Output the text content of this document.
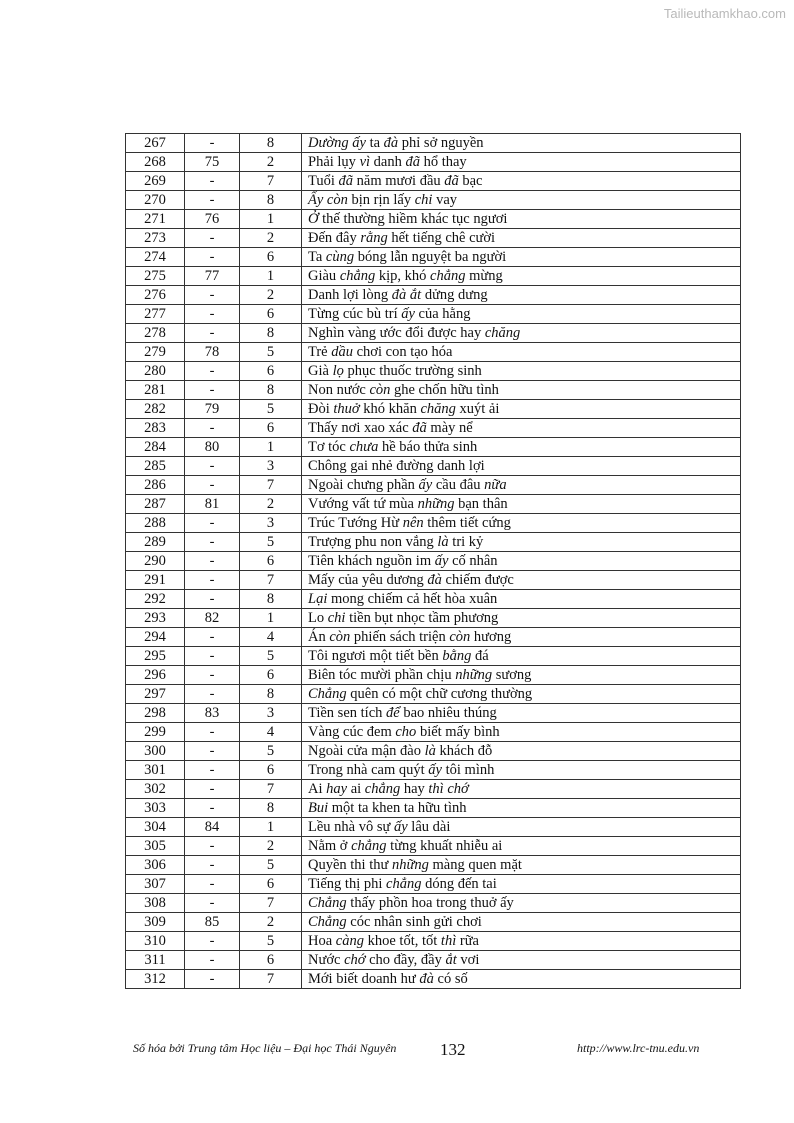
Tailieuthamkhao.com
267	-	8	Dường ấy ta đà phỉ sở nguyền
268	75	2	Phải lụy vì danh đã hổ thay
269	-	7	Tuổi đã năm mươi đầu đã bạc
270	-	8	Ấy còn bịn rịn lấy chi vay
271	76	1	Ở thế thường hiềm khác tục ngươi
273	-	2	Đến đây rằng hết tiếng chê cười
274	-	6	Ta cùng bóng lẫn nguyệt ba người
275	77	1	Giàu chẳng kịp, khó chẳng mừng
276	-	2	Danh lợi lòng đà ắt dửng dưng
277	-	6	Từng cúc bù trí ấy của hằng
278	-	8	Nghìn vàng ước đổi được hay chăng
279	78	5	Trẻ dầu chơi con tạo hóa
280	-	6	Già lọ phục thuốc trường sinh
281	-	8	Non nước còn ghe chốn hữu tình
282	79	5	Đòi thuở khó khăn chăng xuýt ải
283	-	6	Thấy nơi xao xác đã mày nể
284	80	1	Tơ tóc chưa hề báo thửa sinh
285	-	3	Chông gai nhẻ đường danh lợi
286	-	7	Ngoài chưng phần ấy cầu đâu nữa
287	81	2	Vướng vất tứ mùa những bạn thân
288	-	3	Trúc Tướng Hừ nên thêm tiết cứng
289	-	5	Trượng phu non vắng là tri kỷ
290	-	6	Tiên khách nguồn im ấy cố nhân
291	-	7	Mấy của yêu dương đà chiếm được
292	-	8	Lại mong chiếm cả hết hòa xuân
293	82	1	Lo chi tiền bụt nhọc tầm phương
294	-	4	Án còn phiến sách triện còn hương
295	-	5	Tôi ngươi một tiết bền bằng đá
296	-	6	Biên tóc mười phần chịu những sương
297	-	8	Chẳng quên có một chữ cương thường
298	83	3	Tiền sen tích để bao nhiêu thúng
299	-	4	Vàng cúc đem cho biết mấy bình
300	-	5	Ngoài cửa mận đào là khách đỗ
301	-	6	Trong nhà cam quýt ấy tôi mình
302	-	7	Ai hay ai chẳng hay thì chớ
303	-	8	Bui một ta khen ta hữu tình
304	84	1	Lều nhà vô sự ấy lâu dài
305	-	2	Nằm ở chẳng từng khuất nhiễu ai
306	-	5	Quyền thi thư những màng quen mặt
307	-	6	Tiếng thị phi chẳng dóng đến tai
308	-	7	Chẳng thấy phồn hoa trong thuở ấy
309	85	2	Chẳng cóc nhân sinh gửi chơi
310	-	5	Hoa càng khoe tốt, tốt thì rữa
311	-	6	Nước chớ cho đầy, đầy ắt vơi
312	-	7	Mới biết doanh hư đà có số
Số hóa bởi Trung tâm Học liệu – Đại học Thái Nguyên	132	http://www.lrc-tnu.edu.vn
